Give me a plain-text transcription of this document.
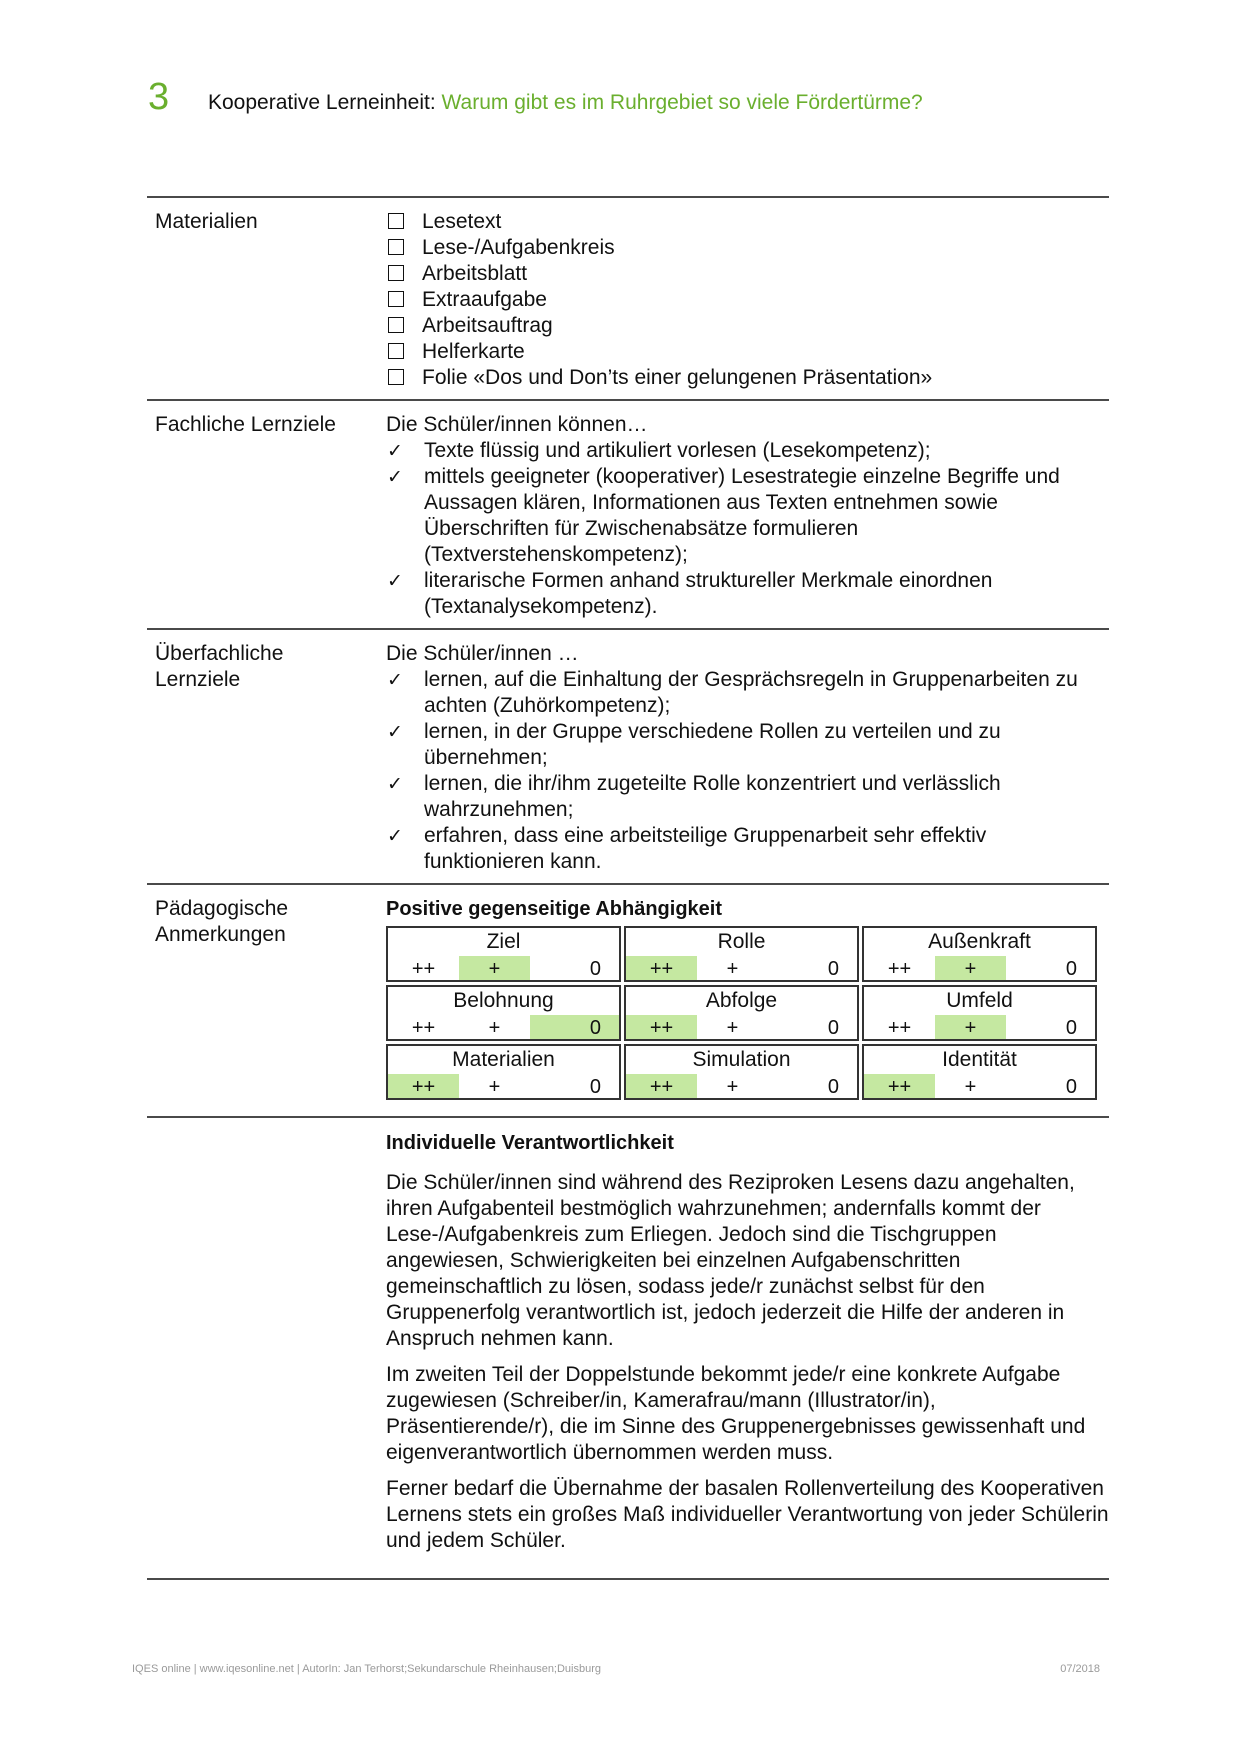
3	Kooperative Lerneinheit: Warum gibt es im Ruhrgebiet so viele Fördertürme?
Materialien	Lesetext
Lese-/Aufgabenkreis
Arbeitsblatt
Extraaufgabe
Arbeitsauftrag
Helferkarte
Folie «Dos und Don’ts einer gelungenen Präsentation»
Fachliche Lernziele	Die Schüler/innen können…
✓ Texte flüssig und artikuliert vorlesen (Lesekompetenz);
✓ mittels geeigneter (kooperativer) Lesestrategie einzelne Begriffe und Aussagen klären, Informationen aus Texten entnehmen sowie Überschriften für Zwischenabsätze formulieren (Textverstehenskompetenz);
✓ literarische Formen anhand struktureller Merkmale einordnen (Textanalysekompetenz).
Überfachliche
Lernziele
Die Schüler/innen …
✓ lernen, auf die Einhaltung der Gesprächsregeln in Gruppenarbeiten zu achten (Zuhörkompetenz);
✓ lernen, in der Gruppe verschiedene Rollen zu verteilen und zu übernehmen;
✓ lernen, die ihr/ihm zugeteilte Rolle konzentriert und verlässlich wahrzunehmen;
✓ erfahren, dass eine arbeitsteilige Gruppenarbeit sehr effektiv funktionieren kann.
Pädagogische
Anmerkungen
Positive gegenseitige Abhängigkeit
Ziel
++	+	0
Rolle
++	+	0
Außenkraft
++	+	0
Belohnung
++	+	0
Abfolge
++	+	0
Umfeld
++	+	0
Materialien
++	+	0
Simulation
++	+	0
Identität
++	+	0
Individuelle Verantwortlichkeit

Die Schüler/innen sind während des Reziproken Lesens dazu angehalten, ihren Aufgabenteil bestmöglich wahrzunehmen; andernfalls kommt der Lese-/Aufgabenkreis zum Erliegen. Jedoch sind die Tischgruppen angewiesen, Schwierigkeiten bei einzelnen Aufgabenschritten gemeinschaftlich zu lösen, sodass jede/r zunächst selbst für den Gruppenerfolg verantwortlich ist, jedoch jederzeit die Hilfe der anderen in Anspruch nehmen kann.

Im zweiten Teil der Doppelstunde bekommt jede/r eine konkrete Aufgabe zugewiesen (Schreiber/in, Kamerafrau/mann (Illustrator/in), Präsentierende/r), die im Sinne des Gruppenergebnisses gewissenhaft und eigenverantwortlich übernommen werden muss.

Ferner bedarf die Übernahme der basalen Rollenverteilung des Kooperativen Lernens stets ein großes Maß individueller Verantwortung von jeder Schülerin und jedem Schüler.

IQES online | www.iqesonline.net | AutorIn: Jan Terhorst;Sekundarschule Rheinhausen;Duisburg	07/2018
